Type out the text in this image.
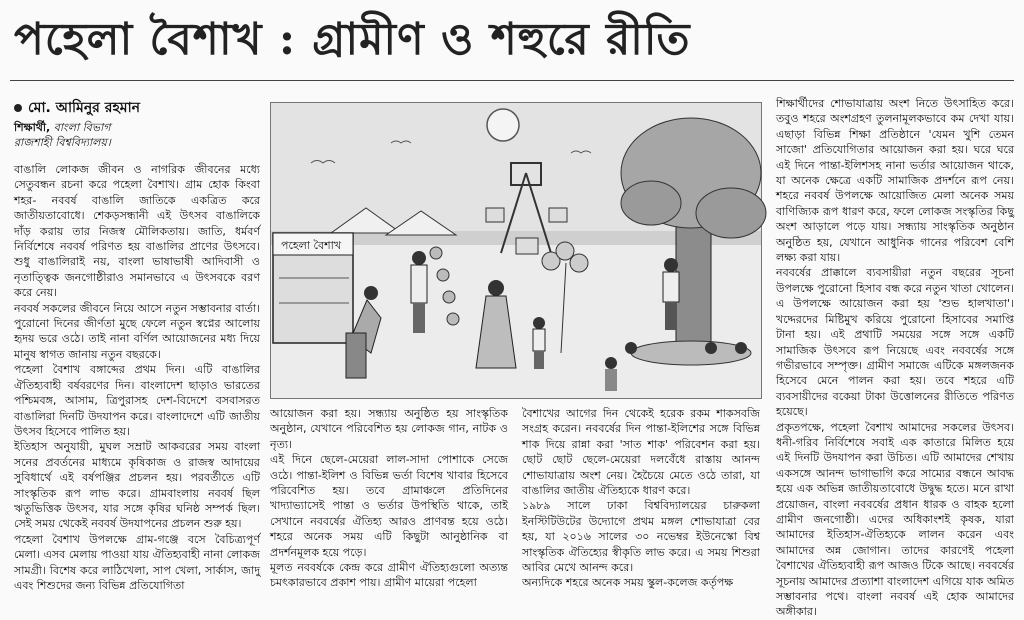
পহেলা বৈশাখ : গ্রামীণ ও শহুরে রীতি
মো. আমিনুর রহমান
শিক্ষার্থী, বাংলা বিভাগ
রাজশাহী বিশ্ববিদ্যালয়।

বাঙালি লোকজ জীবন ও নাগরিক জীবনের মধ্যে সেতুবন্ধন রচনা করে পহেলা বৈশাখ। গ্রাম হোক কিংবা শহর- নববর্ষ বাঙালি জাতিকে একত্রিত করে জাতীয়তাবোধে। শেকড়সন্ধানী এই উৎসব বাঙালিকে দাঁড় করায় তার নিজস্ব মৌলিকতায়। জাতি, ধর্মবর্ণ নির্বিশেষে নববর্ষ পরিণত হয় বাঙালির প্রাণের উৎসবে। শুধু বাঙালিরাই নয়, বাংলা ভাষাভাষী আদিবাসী ও নৃতাত্ত্বিক জনগোষ্ঠীরাও সমানভাবে এ উৎসবকে বরণ করে নেয়।

নববর্ষ সকলের জীবনে নিয়ে আসে নতুন সম্ভাবনার বার্তা। পুরোনো দিনের জীর্ণতা মুছে ফেলে নতুন স্বপ্নের আলোয় হৃদয় ভরে ওঠে। তাই নানা বর্ণিল আয়োজনের মধ্য দিয়ে মানুষ স্বাগত জানায় নতুন বছরকে।

পহেলা বৈশাখ বঙ্গাব্দের প্রথম দিন। এটি বাঙালির ঐতিহ্যবাহী বর্ষবরণের দিন। বাংলাদেশ ছাড়াও ভারতের পশ্চিমবঙ্গ, আসাম, ত্রিপুরাসহ দেশ-বিদেশে বসবাসরত বাঙালিরা দিনটি উদযাপন করে। বাংলাদেশে এটি জাতীয় উৎসব হিসেবে পালিত হয়।

ইতিহাস অনুযায়ী, মুঘল সম্রাট আকবরের সময় বাংলা সনের প্রবর্তনের মাধ্যমে কৃষিকাজ ও রাজস্ব আদায়ের সুবিধার্থে এই বর্ষপঞ্জির প্রচলন হয়। পরবর্তীতে এটি সাংস্কৃতিক রূপ লাভ করে। গ্রামবাংলায় নববর্ষ ছিল ঋতুভিত্তিক উৎসব, যার সঙ্গে কৃষির ঘনিষ্ঠ সম্পর্ক ছিল। সেই সময় থেকেই নববর্ষ উদযাপনের প্রচলন শুরু হয়।

পহেলা বৈশাখ উপলক্ষে গ্রাম-গঞ্জে বসে বৈচিত্র্যপূর্ণ মেলা। এসব মেলায় পাওয়া যায় ঐতিহ্যবাহী নানা লোকজ সামগ্রী। বিশেষ করে লাঠিখেলা, সাপ খেলা, সার্কাস, জাদু এবং শিশুদের জন্য বিভিন্ন প্রতিযোগিতা

পহেলা বৈশাখ

আয়োজন করা হয়। সন্ধ্যায় অনুষ্ঠিত হয় সাংস্কৃতিক অনুষ্ঠান, যেখানে পরিবেশিত হয় লোকজ গান, নাটক ও নৃত্য।

এই দিনে ছেলে-মেয়েরা লাল-সাদা পোশাকে সেজে ওঠে। পান্তা-ইলিশ ও বিভিন্ন ভর্তা বিশেষ খাবার হিসেবে পরিবেশিত হয়। তবে গ্রামাঞ্চলে প্রতিদিনের খাদ্যাভ্যাসেই পান্তা ও ভর্তার উপস্থিতি থাকে, তাই সেখানে নববর্ষের ঐতিহ্য আরও প্রাণবন্ত হয়ে ওঠে। শহরে অনেক সময় এটি কিছুটা আনুষ্ঠানিক বা প্রদর্শনমূলক হয়ে পড়ে।

মূলত নববর্ষকে কেন্দ্র করে গ্রামীণ ঐতিহ্যগুলো অত্যন্ত চমৎকারভাবে প্রকাশ পায়। গ্রামীণ মায়েরা পহেলা

বৈশাখের আগের দিন থেকেই হরেক রকম শাকসবজি সংগ্রহ করেন। নববর্ষের দিন পান্তা-ইলিশের সঙ্গে বিভিন্ন শাক দিয়ে রান্না করা 'সাত শাক' পরিবেশন করা হয়। ছোট ছোট ছেলে-মেয়েরা দলবেঁধে রাস্তায় আনন্দ শোভাযাত্রায় অংশ নেয়। হৈচৈয়ে মেতে ওঠে তারা, যা বাঙালির জাতীয় ঐতিহ্যকে ধারণ করে।

১৯৮৯ সালে ঢাকা বিশ্ববিদ্যালয়ের চারুকলা ইনস্টিটিউটের উদ্যোগে প্রথম মঙ্গল শোভাযাত্রা বের হয়, যা ২০১৬ সালের ৩০ নভেম্বর ইউনেস্কো বিশ্ব সাংস্কৃতিক ঐতিহ্যের স্বীকৃতি লাভ করে। এ সময় শিশুরা আবির মেখে আনন্দ করে।

অন্যদিকে শহরে অনেক সময় স্কুল-কলেজ কর্তৃপক্ষ

শিক্ষার্থীদের শোভাযাত্রায় অংশ নিতে উৎসাহিত করে। তবুও শহরে অংশগ্রহণ তুলনামূলকভাবে কম দেখা যায়। এছাড়া বিভিন্ন শিক্ষা প্রতিষ্ঠানে 'যেমন খুশি তেমন সাজো' প্রতিযোগিতার আয়োজন করা হয়। ঘরে ঘরে এই দিনে পান্তা-ইলিশসহ নানা ভর্তার আয়োজন থাকে, যা অনেক ক্ষেত্রে একটি সামাজিক প্রদর্শনে রূপ নেয়। শহরে নববর্ষ উপলক্ষে আয়োজিত মেলা অনেক সময় বাণিজ্যিক রূপ ধারণ করে, ফলে লোকজ সংস্কৃতির কিছু অংশ আড়ালে পড়ে যায়। সন্ধ্যায় সাংস্কৃতিক অনুষ্ঠান অনুষ্ঠিত হয়, যেখানে আধুনিক গানের পরিবেশ বেশি লক্ষ্য করা যায়।

নববর্ষের প্রাক্কালে ব্যবসায়ীরা নতুন বছরের সূচনা উপলক্ষে পুরোনো হিসাব বন্ধ করে নতুন খাতা খোলেন। এ উপলক্ষে আয়োজন করা হয় 'শুভ হালখাতা'। খদ্দেরদের মিষ্টিমুখ করিয়ে পুরোনো হিসাবের সমাপ্তি টানা হয়। এই প্রথাটি সময়ের সঙ্গে সঙ্গে একটি সামাজিক উৎসবে রূপ নিয়েছে এবং নববর্ষের সঙ্গে গভীরভাবে সম্পৃক্ত। গ্রামীণ সমাজে এটিকে মঙ্গলজনক হিসেবে মেনে পালন করা হয়। তবে শহরে এটি ব্যবসায়ীদের বকেয়া টাকা উত্তোলনের রীতিতে পরিণত হয়েছে।

প্রকৃতপক্ষে, পহেলা বৈশাখ আমাদের সকলের উৎসব। ধনী-গরিব নির্বিশেষে সবাই এক কাতারে মিলিত হয়ে এই দিনটি উদযাপন করা উচিত। এটি আমাদের শেখায় একসঙ্গে আনন্দ ভাগাভাগি করে সাম্যের বন্ধনে আবদ্ধ হয়ে এক অভিন্ন জাতীয়তাবোধে উদ্বুদ্ধ হতে। মনে রাখা প্রয়োজন, বাংলা নববর্ষের প্রধান ধারক ও বাহক হলো গ্রামীণ জনগোষ্ঠী। এদের অধিকাংশই কৃষক, যারা আমাদের ইতিহাস-ঐতিহ্যকে লালন করেন এবং আমাদের অন্ন জোগান। তাদের কারণেই পহেলা বৈশাখের ঐতিহ্যবাহী রূপ আজও টিকে আছে। নববর্ষের সূচনায় আমাদের প্রত্যাশা বাংলাদেশ এগিয়ে যাক অমিত সম্ভাবনার পথে। বাংলা নববর্ষ এই হোক আমাদের অঙ্গীকার।
